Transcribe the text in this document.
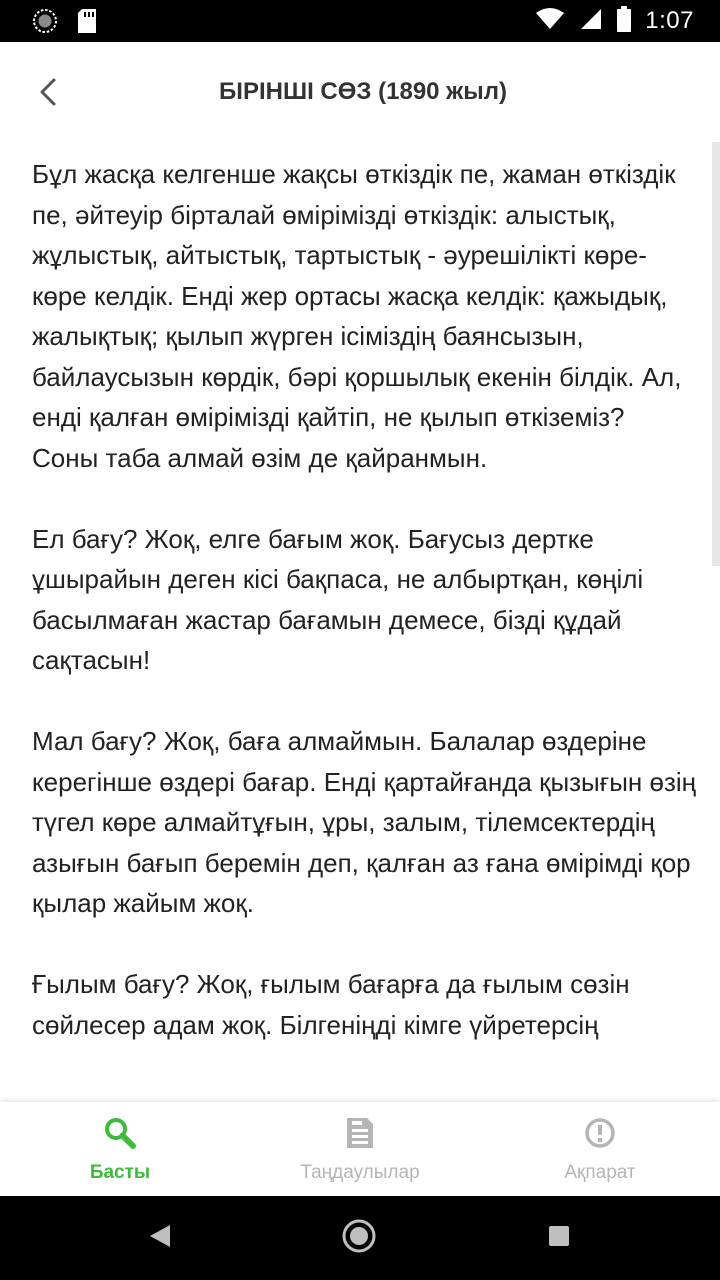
1:07
БІРІНШІ СӨЗ (1890 жыл)

Бұл жасқа келгенше жақсы өткіздік пе, жаман өткіздік пе, әйтеуір бірталай өмірімізді өткіздік: алыстық, жұлыстық, айтыстық, тартыстық - әурешілікті көре-көре келдік. Енді жер ортасы жасқа келдік: қажыдық, жалықтық; қылып жүрген ісіміздің баянсызын, байлаусызын көрдік, бәрі қоршылық екенін білдік. Ал, енді қалған өмірімізді қайтіп, не қылып өткіземіз? Соны таба алмай өзім де қайранмын.

Ел бағу? Жоқ, елге бағым жоқ. Бағусыз дертке ұшырайын деген кісі бақпаса, не албыртқан, көңілі басылмаған жастар бағамын демесе, бізді құдай сақтасын!

Мал бағу? Жоқ, баға алмаймын. Балалар өздеріне керегінше өздері бағар. Енді қартайғанда қызығын өзің түгел көре алмайтұғын, ұры, залым, тілемсектердің азығын бағып беремін деп, қалған аз ғана өмірімді қор қылар жайым жоқ.

Ғылым бағу? Жоқ, ғылым бағарға да ғылым сөзін сөйлесер адам жоқ. Білгеніңді кімге үйретерсің

Басты	Таңдаулылар	Ақпарат
